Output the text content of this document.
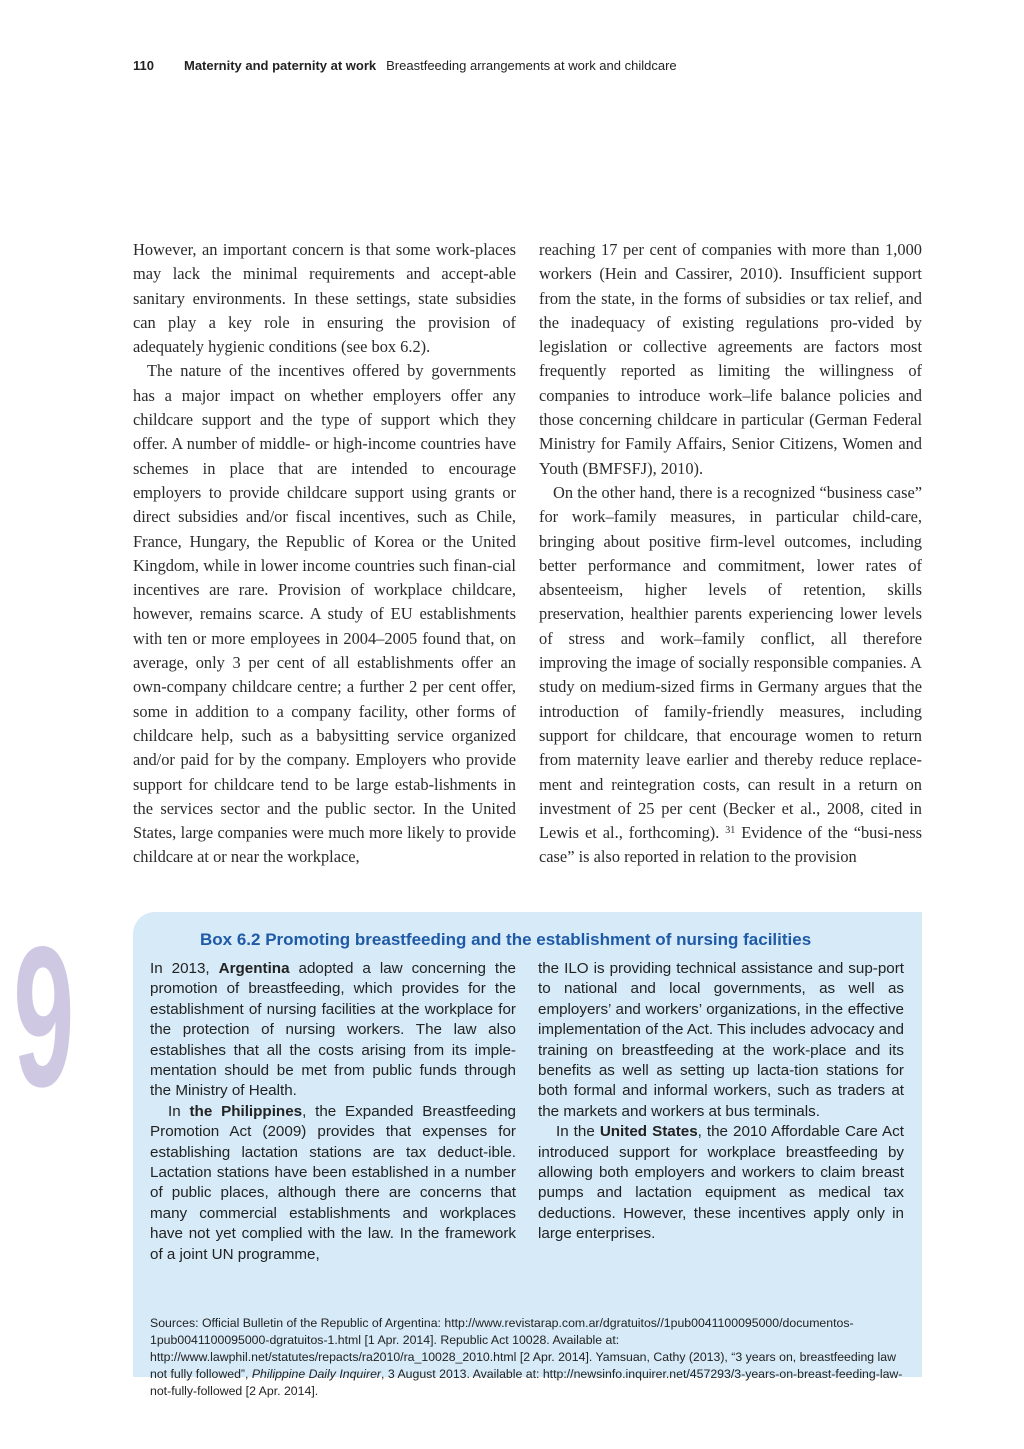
110 Maternity and paternity at work Breastfeeding arrangements at work and childcare

However, an important concern is that some work-places may lack the minimal requirements and accept-able sanitary environments. In these settings, state subsidies can play a key role in ensuring the provision of adequately hygienic conditions (see box 6.2).

The nature of the incentives offered by governments has a major impact on whether employers offer any childcare support and the type of support which they offer. A number of middle- or high-income countries have schemes in place that are intended to encourage employers to provide childcare support using grants or direct subsidies and/or fiscal incentives, such as Chile, France, Hungary, the Republic of Korea or the United Kingdom, while in lower income countries such finan-cial incentives are rare. Provision of workplace childcare, however, remains scarce. A study of EU establishments with ten or more employees in 2004–2005 found that, on average, only 3 per cent of all establishments offer an own-company childcare centre; a further 2 per cent offer, some in addition to a company facility, other forms of childcare help, such as a babysitting service organized and/or paid for by the company. Employers who provide support for childcare tend to be large estab-lishments in the services sector and the public sector. In the United States, large companies were much more likely to provide childcare at or near the workplace,

reaching 17 per cent of companies with more than 1,000 workers (Hein and Cassirer, 2010). Insufficient support from the state, in the forms of subsidies or tax relief, and the inadequacy of existing regulations pro-vided by legislation or collective agreements are factors most frequently reported as limiting the willingness of companies to introduce work–life balance policies and those concerning childcare in particular (German Federal Ministry for Family Affairs, Senior Citizens, Women and Youth (BMFSFJ), 2010).

On the other hand, there is a recognized “business case” for work–family measures, in particular child-care, bringing about positive firm-level outcomes, including better performance and commitment, lower rates of absenteeism, higher levels of retention, skills preservation, healthier parents experiencing lower levels of stress and work–family conflict, all therefore improving the image of socially responsible companies. A study on medium-sized firms in Germany argues that the introduction of family-friendly measures, including support for childcare, that encourage women to return from maternity leave earlier and thereby reduce replace-ment and reintegration costs, can result in a return on investment of 25 per cent (Becker et al., 2008, cited in Lewis et al., forthcoming). $^{31}$ Evidence of the “busi-ness case” is also reported in relation to the provision

6	Box 6.2 Promoting breastfeeding and the establishment of nursing facilities

In 2013, Argentina adopted a law concerning the promotion of breastfeeding, which provides for the establishment of nursing facilities at the workplace for the protection of nursing workers. The law also establishes that all the costs arising from its imple-mentation should be met from public funds through the Ministry of Health.

In the Philippines, the Expanded Breastfeeding Promotion Act (2009) provides that expenses for establishing lactation stations are tax deduct-ible. Lactation stations have been established in a number of public places, although there are concerns that many commercial establishments and workplaces have not yet complied with the law. In the framework of a joint UN programme,

the ILO is providing technical assistance and sup-port to national and local governments, as well as employers’ and workers’ organizations, in the effective implementation of the Act. This includes advocacy and training on breastfeeding at the work-place and its benefits as well as setting up lacta-tion stations for both formal and informal workers, such as traders at the markets and workers at bus terminals.

In the United States, the 2010 Affordable Care Act introduced support for workplace breastfeeding by allowing both employers and workers to claim breast pumps and lactation equipment as medical tax deductions. However, these incentives apply only in large enterprises.

Sources: Official Bulletin of the Republic of Argentina: http://www.revistarap.com.ar/dgratuitos//1pub0041100095000/documentos-1pub0041100095000-dgratuitos-1.html [1 Apr. 2014]. Republic Act 10028. Available at: http://www.lawphil.net/statutes/repacts/ra2010/ra_10028_2010.html [2 Apr. 2014]. Yamsuan, Cathy (2013), “3 years on, breastfeeding law not fully followed”, Philippine Daily Inquirer, 3 August 2013. Available at: http://newsinfo.inquirer.net/457293/3-years-on-breast-feeding-law-not-fully-followed [2 Apr. 2014].
